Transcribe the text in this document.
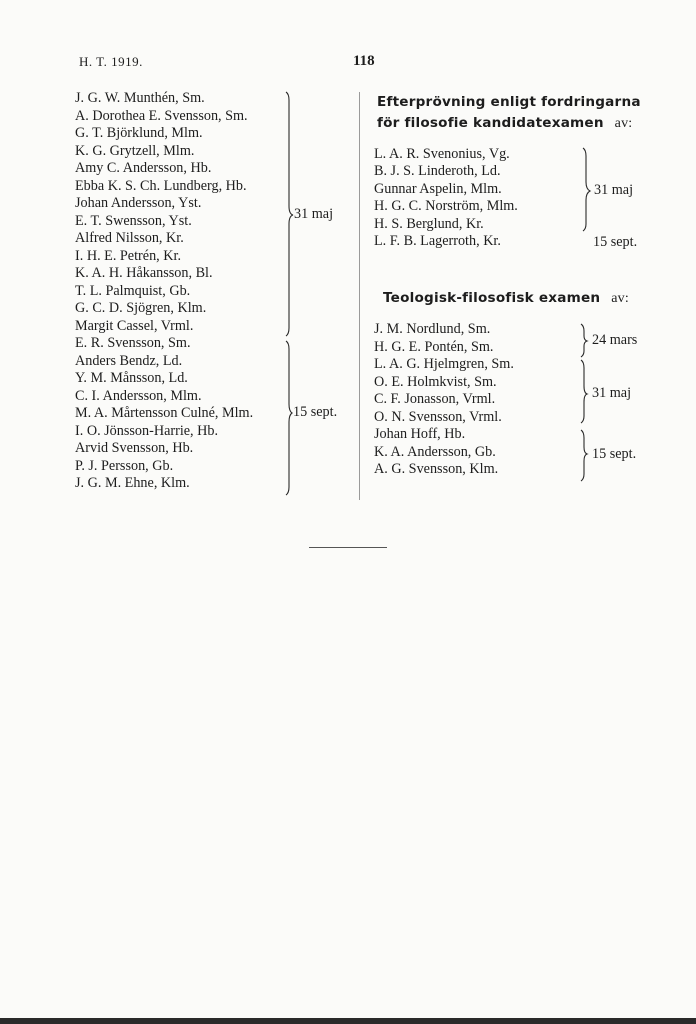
H. T. 1919.	118
J. G. W. Munthén, Sm.
A. Dorothea E. Svensson, Sm.
G. T. Björklund, Mlm.
K. G. Grytzell, Mlm.
Amy C. Andersson, Hb.
Ebba K. S. Ch. Lundberg, Hb.
Johan Andersson, Yst.
E. T. Swensson, Yst.
Alfred Nilsson, Kr.
I. H. E. Petrén, Kr.
K. A. H. Håkansson, Bl.
T. L. Palmquist, Gb.
G. C. D. Sjögren, Klm.
Margit Cassel, Vrml.
E. R. Svensson, Sm.
Anders Bendz, Ld.
Y. M. Månsson, Ld.
C. I. Andersson, Mlm.
M. A. Mårtensson Culné, Mlm.
I. O. Jönsson-Harrie, Hb.
Arvid Svensson, Hb.
P. J. Persson, Gb.
J. G. M. Ehne, Klm.
31 maj
15 sept.
Efterprövning enligt fordringarna
för filosofie kandidatexamen av:
L. A. R. Svenonius, Vg.
B. J. S. Linderoth, Ld.
Gunnar Aspelin, Mlm.
H. G. C. Norström, Mlm.
H. S. Berglund, Kr.
L. F. B. Lagerroth, Kr.
31 maj
15 sept.
Teologisk-filosofisk examen av:
J. M. Nordlund, Sm.
H. G. E. Pontén, Sm.
L. A. G. Hjelmgren, Sm.
O. E. Holmkvist, Sm.
C. F. Jonasson, Vrml.
O. N. Svensson, Vrml.
Johan Hoff, Hb.
K. A. Andersson, Gb.
A. G. Svensson, Klm.
24 mars
31 maj
15 sept.
